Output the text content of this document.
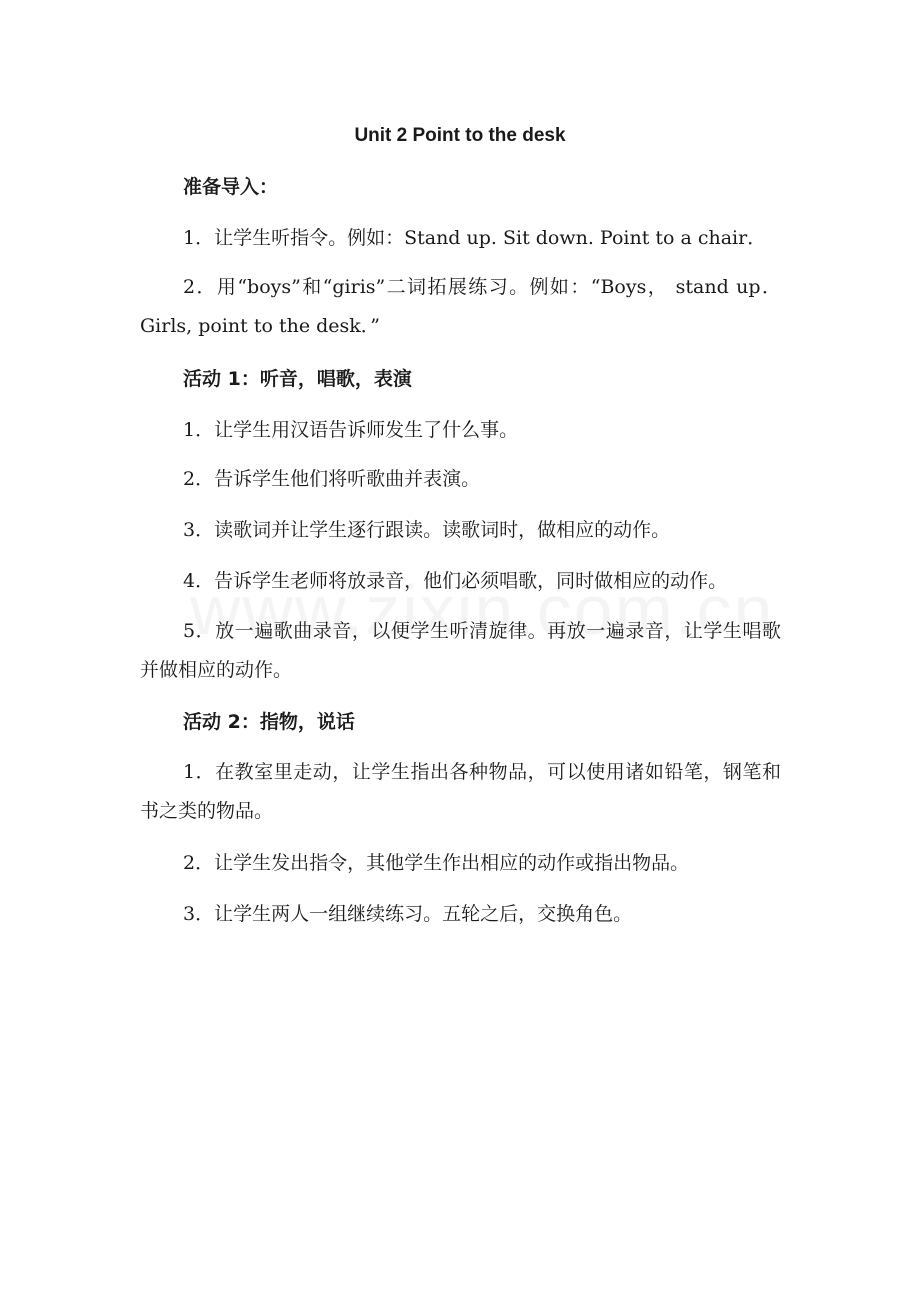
Unit 2 Point to the desk
准备导入：

1．让学生听指令。例如：Stand up. Sit down. Point to a chair．

2．用“boys”和“giris”二词拓展练习。例如：“Boys， stand up．Girls, point to the desk．”

活动 1：听音，唱歌，表演

1．让学生用汉语告诉师发生了什么事。

2．告诉学生他们将听歌曲并表演。

3．读歌词并让学生逐行跟读。读歌词时，做相应的动作。

4．告诉学生老师将放录音，他们必须唱歌，同时做相应的动作。

5．放一遍歌曲录音，以便学生听清旋律。再放一遍录音，让学生唱歌并做相应的动作。

活动 2：指物，说话

1．在教室里走动，让学生指出各种物品，可以使用诸如铅笔，钢笔和书之类的物品。

2．让学生发出指令，其他学生作出相应的动作或指出物品。

3．让学生两人一组继续练习。五轮之后，交换角色。
